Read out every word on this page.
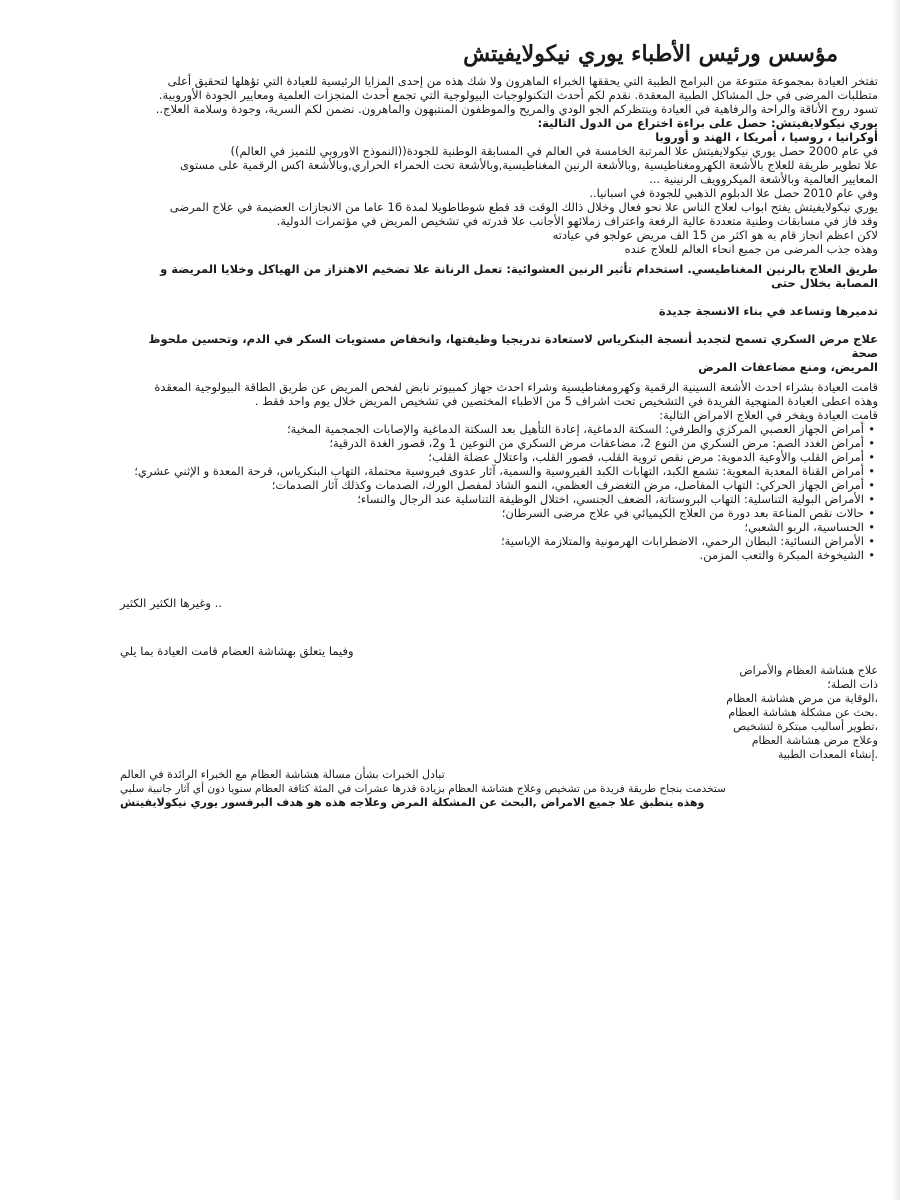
مؤسس ورئيس الأطباء يوري نيكولايفيتش

تفتخر العيادة بمجموعة متنوعة من البرامج الطبية التي يحققها الخبراء الماهرون ولا شك هذه من إحدى المزايا الرئيسية للعيادة التي تؤهلها لتحقيق أعلى

متطلبات المرضى في حل المشاكل الطبية المعقدة. نقدم لكم أحدث التكنولوجيات البيولوجية التي تجمع أحدث المنجزات العلمية ومعايير الجودة الأوروبية.

تسود روح الأناقة والراحة والرفاهية في العيادة وينتظركم الجو الودي والمريح والموظفون المنتبهون والماهرون. نضمن لكم السرية، وجودة وسلامة العلاج..

يوري نيكولايفيتش: حصل على براءة اختراع من الدول التالية:

أوكرانيا ، روسيا ، أمريكا ، الهند و أوروبا

في عام 2000 حصل يوري نيكولايفيتش علا المرتبة الخامسة في العالم في المسابقة الوطنية للجودة((النموذج الاوروبي للتميز في العالم))

علا تطوير طريقة للعلاج بالأشعة الكهرومغناطيسية ,وبالأشعة الرنين المغناطيسية,وبالأشعة تحت الحمراء الحراري,وبالأشعة اكس الرقمية على مستوى

المعايير العالمية وبالأشعة الميكروويف الرنينية ...

وفي عام 2010 حصل علا الدبلوم الذهبي للجودة في اسبانيا..

يوري نيكولايفيتش يفتح ابواب لعلاج الناس علا نحو فعال وخلال ذالك الوقت قد قطع شوطاطويلا لمدة 16 عاما من الانجازات العضيمة في علاج المرضى

وقد فاز في مسابقات وطنية متعددة عالية الرفعة واعتراف زملائهو الأجانب علا قدرته في تشخيص المريض في مؤتمرات الدولية.

لاكن اعظم انجاز قام به هو اكثر من 15 الف مريض عولجو في عيادته

وهذه جذب المرضى من جميع انحاء العالم للعلاج عنده

طريق العلاج بالرنين المغناطيسي. استخدام تأثير الرنين العشوائية: تعمل الرنانة علا تضخيم الاهتزاز من الهياكل وخلايا المريضة و المصابة بخلال حتى

تدميرها وتساعد في بناء الانسجة جديدة

علاج مرض السكري تسمح لتجديد أنسجة البنكرياس لاستعادة تدريجيا وظيفتها، وانخفاض مستويات السكر في الدم، وتحسين ملحوظ صحة

المريض، ومنع مضاعفات المرض

قامت العيادة بشراء احدث الأشعة السينية الرقمية وكهرومغناطيسية وشراء احدث جهاز كمبيوتر نابض لفحص المريض عن طريق الطاقة البيولوجية المعقدة

وهذه اعطى العيادة المنهجية الفريدة في التشخيص تحت اشراف 5 من الاطباء المختصين في تشخيص المريض خلال يوم واحد فقط .

قامت العيادة ويفخر في العلاج الامراض التالية:

• أمراض الجهاز العصبي المركزي والطرفي: السكتة الدماغية، إعادة التأهيل بعد السكتة الدماغية والإصابات الجمجمية المخية؛
• أمراض الغدد الصم: مرض السكري من النوع 2، مضاعفات مرض السكري من النوعين 1 و2، قصور الغدة الدرقية؛
• أمراض القلب والأوعية الدموية: مرض نقص تروية القلب، قصور القلب، واعتلال عضلة القلب؛
• أمراض القناة المعدية المعوية: تشمع الكبد، التهابات الكبد الفيروسية والسمية، آثار عدوى فيروسية محتملة، التهاب البنكرياس، قرحة المعدة و الإثني عشري؛
• أمراض الجهاز الحركي: التهاب المفاصل، مرض التغضرف العظمي، النمو الشاذ لمفصل الورك، الصدمات وكذلك آثار الصدمات؛
• الأمراض البولية التناسلية: التهاب البروستاتة، الضعف الجنسي، اختلال الوظيفة التناسلية عند الرجال والنساء؛
• حالات نقص المناعة بعد دورة من العلاج الكيميائي في علاج مرضى السرطان؛
• الحساسية، الربو الشعبي؛
• الأمراض النسائية: البطان الرحمي، الاضطرابات الهرمونية والمتلازمة الإياسية؛
• الشيخوخة المبكرة والتعب المزمن.

.. وغيرها الكثير الكثير

وفيما يتعلق بهشاشة العضام قامت العيادة بما يلي

علاج هشاشة العظام والأمراض ذات الصلة؛
،الوقاية من مرض هشاشة العظام
.بحث عن مشكلة هشاشة العظام
،تطوير أساليب مبتكرة لتشخيص وعلاج مرض هشاشة العظام
.إنشاء المعدات الطبية

تبادل الخبرات بشأن مسالة هشاشة العظام مع الخبراء الرائدة في العالم

ستخدمت بنجاح طريقة فريدة من تشخيص وعلاج هشاشة العظام بزيادة قدرها عشرات في المئة كثافة العظام سنويا دون أي آثار جانبية سلبي

وهذه ينطبق علا جميع الامراض ,البحث عن المشكلة المرض وعلاجه هذه هو هدف البرفسور يوري نيكولايفيتش
